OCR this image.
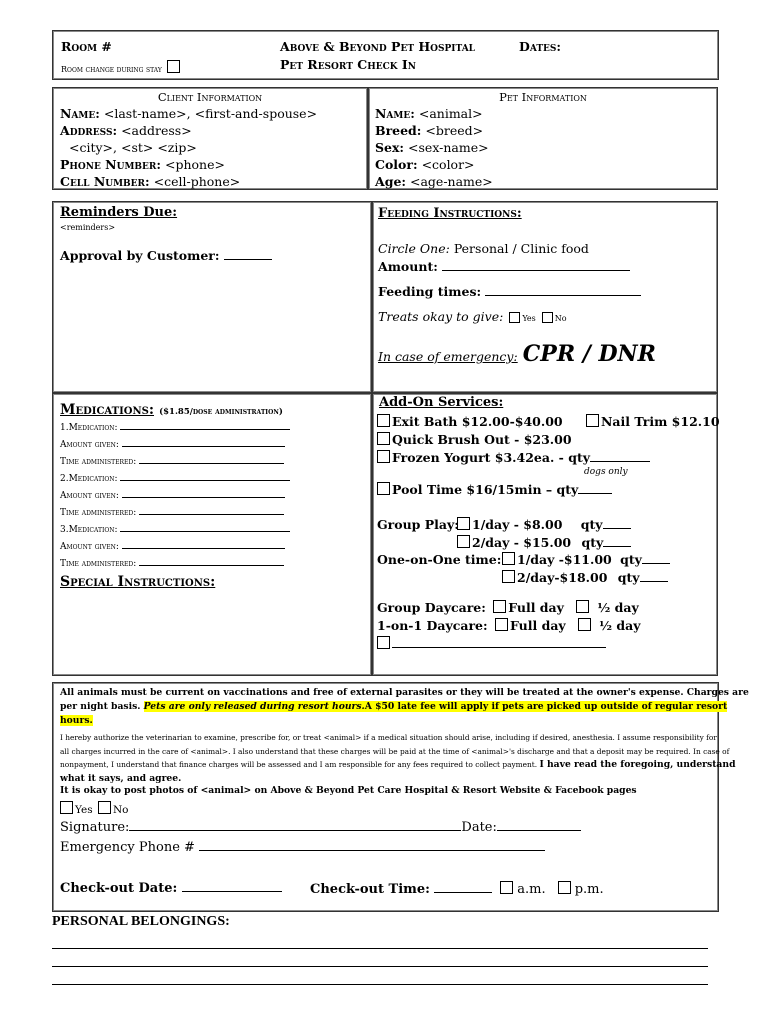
Room #
Room change during stay
Above & Beyond Pet Hospital	Dates:
Pet Resort Check In
Client Information
Name: <last-name>, <first-and-spouse>
Address: <address>
<city>, <st> <zip>
Phone Number: <phone>
Cell Number: <cell-phone>
Pet Information
Name: <animal>
Breed: <breed>
Sex: <sex-name>
Color: <color>
Age: <age-name>
Reminders Due:
<reminders>
Approval by Customer:
Feeding Instructions:
Circle One: Personal / Clinic food
Amount:
Feeding times:
Treats okay to give: Yes No
In case of emergency: CPR / DNR
Medications: ($1.85/dose administration)
1.Medication:
Amount given:
Time administered:
2.Medication:
Amount given:
Time administered:
3.Medication:
Amount given:
Time administered:
Special Instructions:
Add-On Services:
Exit Bath $12.00-$40.00	Nail Trim $12.10
Quick Brush Out - $23.00
Frozen Yogurt $3.42ea. - qty
dogs only
Pool Time $16/15min – qty
Group Play:	1/day - $8.00 qty
2/day - $15.00 qty
One-on-One time:	1/day -$11.00 qty
2/day-$18.00 qty
Group Daycare: Full day	½ day
1-on-1 Daycare: Full day	½ day
All animals must be current on vaccinations and free of external parasites or they will be treated at the owner's expense. Charges are
per night basis. Pets are only released during resort hours.A $50 late fee will apply if pets are picked up outside of regular resort
hours.
I hereby authorize the veterinarian to examine, prescribe for, or treat <animal> if a medical situation should arise, including if desired, anesthesia. I assume responsibility for
all charges incurred in the care of <animal>. I also understand that these charges will be paid at the time of <animal>'s discharge and that a deposit may be required. In case of
nonpayment, I understand that finance charges will be assessed and I am responsible for any fees required to collect payment. I have read the foregoing, understand
what it says, and agree.
It is okay to post photos of <animal> on Above & Beyond Pet Care Hospital & Resort Website & Facebook pages
Yes No
Signature:	Date:
Emergency Phone #
Check-out Date:	Check-out Time:	a.m. p.m.
PERSONAL BELONGINGS:
